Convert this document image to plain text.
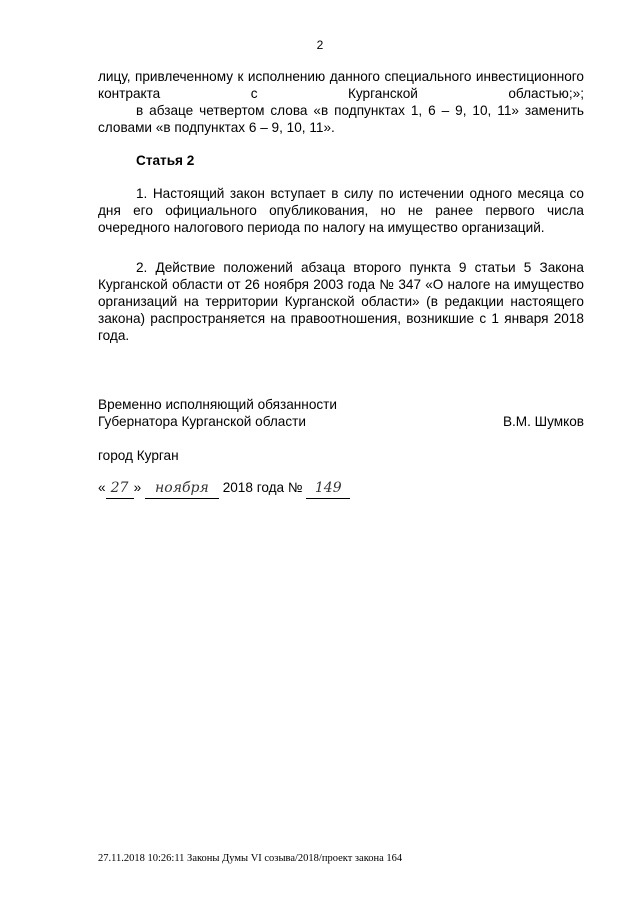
2

лицу, привлеченному к исполнению данного специального инвестиционного контракта с Курганской областью;»;

в абзаце четвертом слова «в подпунктах 1, 6 – 9, 10, 11» заменить словами «в подпунктах 6 – 9, 10, 11».

Статья 2

1. Настоящий закон вступает в силу по истечении одного месяца со дня его официального опубликования, но не ранее первого числа очередного налогового периода по налогу на имущество организаций.

2. Действие положений абзаца второго пункта 9 статьи 5 Закона Курганской области от 26 ноября 2003 года № 347 «О налоге на имущество организаций на территории Курганской области» (в редакции настоящего закона) распространяется на правоотношения, возникшие с 1 января 2018 года.

Временно исполняющий обязанности
Губернатора Курганской области	В.М. Шумков
город Курган
« 27 » ноября 2018 года № 149
27.11.2018 10:26:11 Законы Думы VI созыва/2018/проект закона 164
